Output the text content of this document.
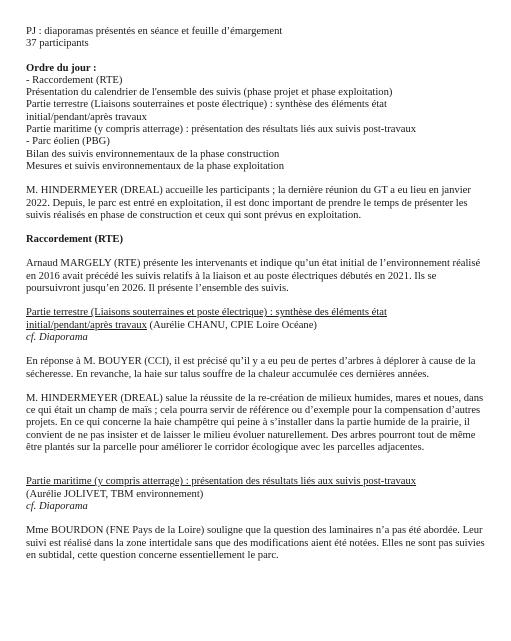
PJ : diaporamas présentés en séance et feuille d’émargement

37 participants

Ordre du jour :

- Raccordement (RTE)
Présentation du calendrier de l'ensemble des suivis (phase projet et phase exploitation)
Partie terrestre (Liaisons souterraines et poste électrique) : synthèse des éléments état
initial/pendant/après travaux
Partie maritime (y compris atterrage) : présentation des résultats liés aux suivis post-travaux
- Parc éolien (PBG)
Bilan des suivis environnementaux de la phase construction
Mesures et suivis environnementaux de la phase exploitation

M. HINDERMEYER (DREAL) accueille les participants ; la dernière réunion du GT a eu lieu en janvier 2022. Depuis, le parc est entré en exploitation, il est donc important de prendre le temps de présenter les suivis réalisés en phase de construction et ceux qui sont prévus en exploitation.

Raccordement (RTE)

Arnaud MARGELY (RTE) présente les intervenants et indique qu’un état initial de l’environnement réalisé en 2016 avait précédé les suivis relatifs à la liaison et au poste électriques débutés en 2021. Ils se poursuivront jusqu’en 2026. Il présente l’ensemble des suivis.

Partie terrestre (Liaisons souterraines et poste électrique) : synthèse des éléments état
initial/pendant/après travaux (Aurélie CHANU, CPIE Loire Océane)

cf. Diaporama

En réponse à M. BOUYER (CCI), il est précisé qu’il y a eu peu de pertes d’arbres à déplorer à cause de la sécheresse. En revanche, la haie sur talus souffre de la chaleur accumulée ces dernières années.

M. HINDERMEYER (DREAL) salue la réussite de la re-création de milieux humides, mares et noues, dans ce qui était un champ de maïs ; cela pourra servir de référence ou d’exemple pour la compensation d’autres projets. En ce qui concerne la haie champêtre qui peine à s’installer dans la partie humide de la prairie, il convient de ne pas insister et de laisser le milieu évoluer naturellement. Des arbres pourront tout de même être plantés sur la parcelle pour améliorer le corridor écologique avec les parcelles adjacentes.

Partie maritime (y compris atterrage) : présentation des résultats liés aux suivis post-travaux

(Aurélie JOLIVET, TBM environnement)

cf. Diaporama

Mme BOURDON (FNE Pays de la Loire) souligne que la question des laminaires n’a pas été abordée. Leur suivi est réalisé dans la zone intertidale sans que des modifications aient été notées. Elles ne sont pas suivies en subtidal, cette question concerne essentiellement le parc.
